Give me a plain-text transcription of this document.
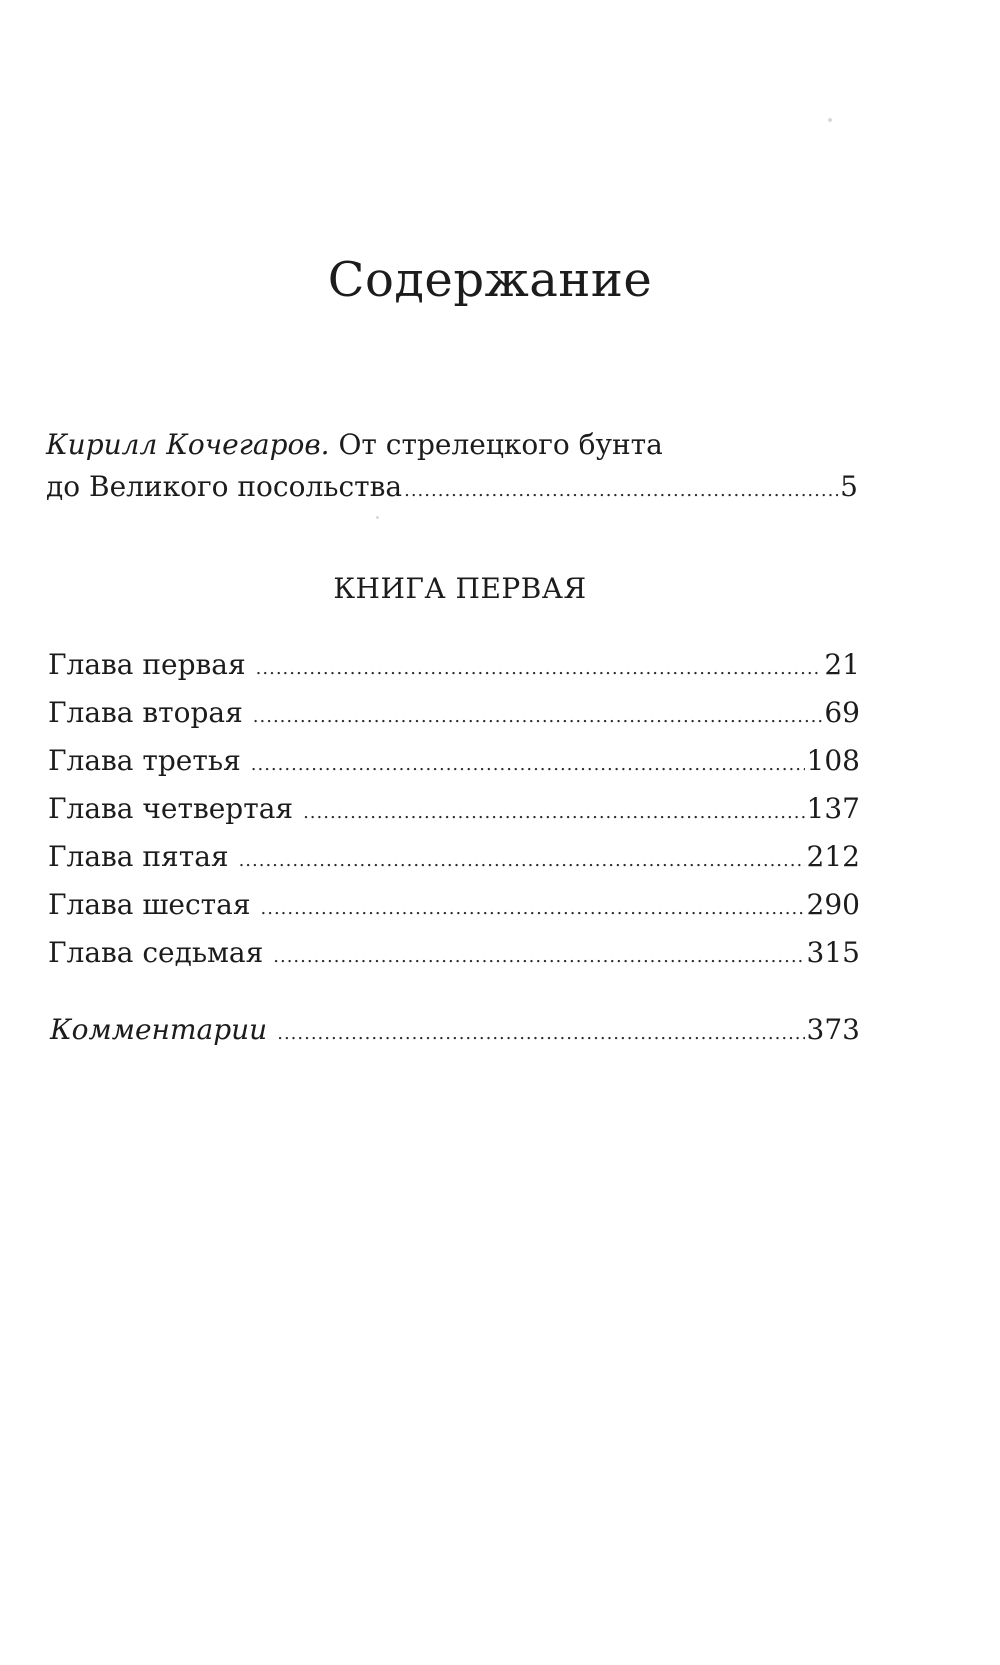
Содержание
Кирилл Кочегаров. От стрелецкого бунта
до Великого посольства .....	5
КНИГА ПЕРВАЯ
Глава первая .....	21
Глава вторая .....	69
Глава третья .....	108
Глава четвертая .....	137
Глава пятая .....	212
Глава шестая .....	290
Глава седьмая .....	315
Комментарии .....	373
